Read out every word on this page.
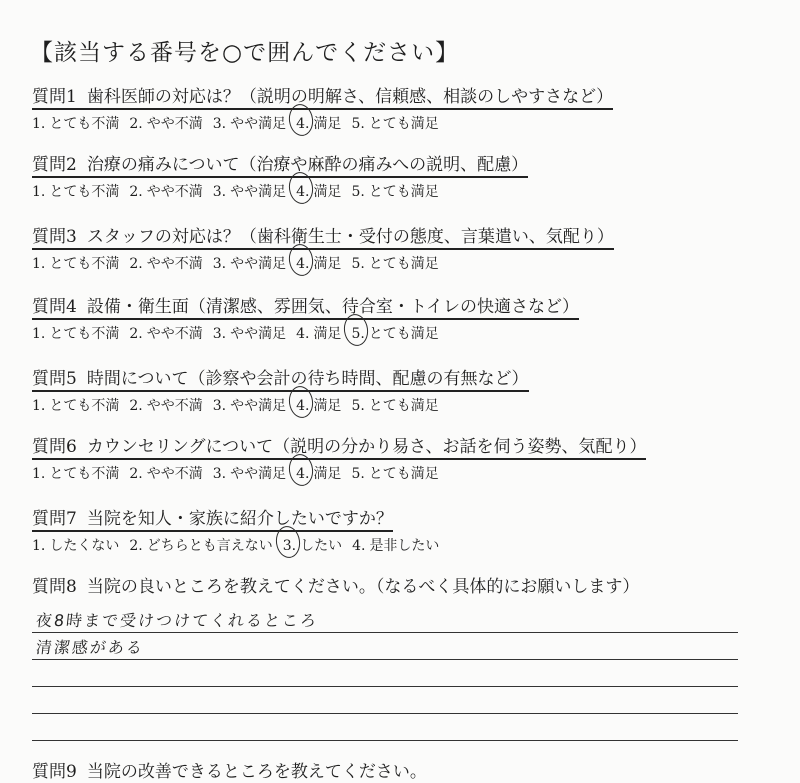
【該当する番号を○で囲んでください】
質問1 歯科医師の対応は？（説明の明解さ、信頼感、相談のしやすさなど）
1. とても不満 2. やや不満 3. やや満足 4. 満足 5. とても満足
質問2 治療の痛みについて（治療や麻酔の痛みへの説明、配慮）
1. とても不満 2. やや不満 3. やや満足 4. 満足 5. とても満足
質問3 スタッフの対応は？（歯科衛生士・受付の態度、言葉遣い、気配り）
1. とても不満 2. やや不満 3. やや満足 4. 満足 5. とても満足
質問4 設備・衛生面（清潔感、雰囲気、待合室・トイレの快適さなど）
1. とても不満 2. やや不満 3. やや満足 4. 満足 5. とても満足
質問5 時間について（診察や会計の待ち時間、配慮の有無など）
1. とても不満 2. やや不満 3. やや満足 4. 満足 5. とても満足
質問6 カウンセリングについて（説明の分かり易さ、お話を伺う姿勢、気配り）
1. とても不満 2. やや不満 3. やや満足 4. 満足 5. とても満足
質問7 当院を知人・家族に紹介したいですか？
1. したくない 2. どちらとも言えない 3. したい 4. 是非したい
質問8 当院の良いところを教えてください。（なるべく具体的にお願いします）
夜8時まで受けつけてくれるところ
清潔感がある
質問9 当院の改善できるところを教えてください。
